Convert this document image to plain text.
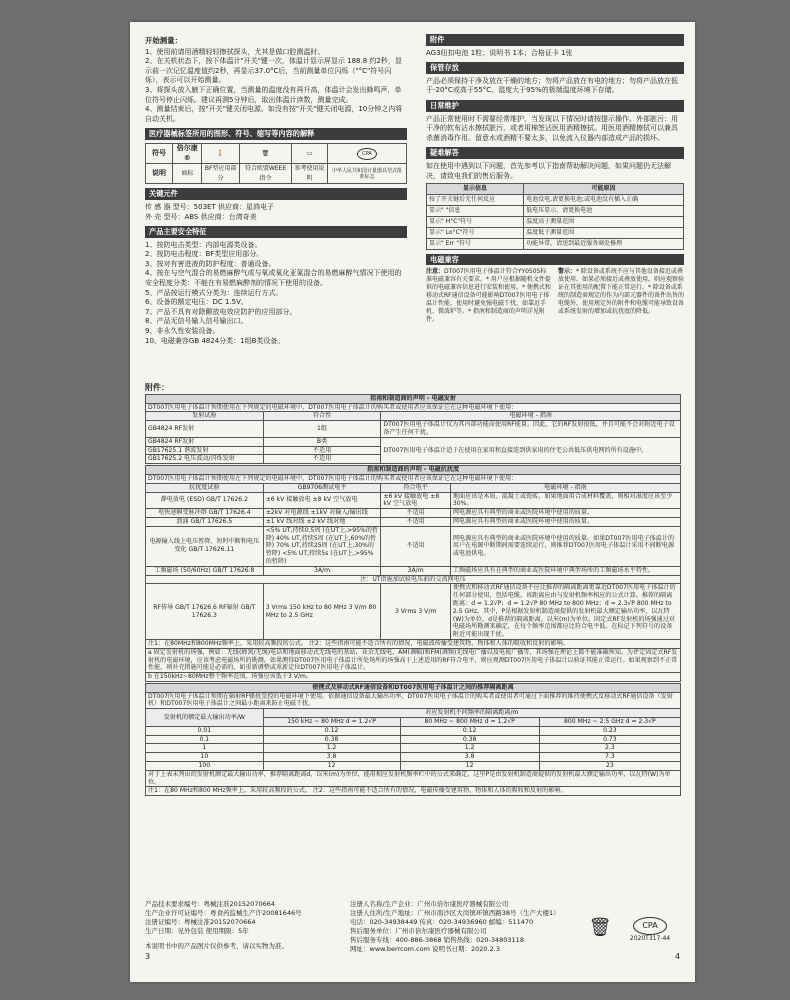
开始测量：

1、使用前请用酒精轻轻擦拭探头，尤其是做口腔测温时。

2、在关机状态下，按下体温计"开关"键一次，体温计显示屏显示 188.8 约2秒，显示前一次记忆温度值约2秒，再显示37.0°C后，当前测量单位闪烁（"°C"符号闪烁），表示可以开始测量。

3、将探头放入腋下正确位置，当测量的温度没有再升高，体温计会发出蜂鸣声，单位符号停止闪烁。建议再测5分钟后，取出体温计读数，测量完成。

4、测量结束后，按"开关"键关闭电源。如没有按"开关"键关闭电源，10分钟之内将自动关机。

医疗器械标签所用的图形、符号、缩写等内容的解释
符号	倍尔康®	🚶	🗑	▭	CPA
说明	商标	BF型应用部分	符合欧盟WEEE指令	参考使用说明	中华人民共和国计量器具型式批准标志
关键元件

传 感 器 型号：503ET 供应商：星鸿电子

外 壳 型号：ABS 供应商：台湾奇美

产品主要安全特征

1、按防电击类型：内部电源类设备。

2、按防电击程度：BF类型应用部分。

3、按对有害进液的防护程度：普通设备。

4、按在与空气混合的易燃麻醉气或与氧或氧化亚氮混合的易燃麻醉气情况下使用的安全程度分类：不能在有易燃麻醉剂的情况下使用的设备。

5、产品按运行模式分类为：连续运行方式。

6、设备的额定电压：DC 1.5V。

7、产品不具有对除颤放电效应防护的应用部分。

8、产品无信号输入信号输出口。

9、非永久性安装设备。

10、电磁兼容GB 4824分类：1组B类设备。

附件

AG3纽扣电池 1粒；说明书 1本；合格证卡 1张

保管存放

产品必须保持干净及放在干燥的地方；勿将产品放在有电的地方；勿将产品放在低于-20°C或高于55°C、湿度大于95%的极端温度环境下存储。

日常维护

产品正常使用时不需要经常维护，当发现以下情况时请按提示操作。外部脏污：用干净的软布沾水擦拭脏污，或者用棉签沾医用酒精擦拭。用医用酒精擦拭可以兼具杀菌消毒作用。留意水或酒精不要太多，以免流入仪器内部造成产品的损坏。

疑难解答

如在使用中遇到以下问题，首先参考以下指南帮助解决问题，如果问题仍无法解决，请致电我们的售后服务。

显示信息	可能原因
按了开关键后无任何反应	电池没电,请更换电池;或电池没有插入正确
显示" "信息	低电压显示，请更换电池
显示" H°C"符号	温度高于测量范围
显示" Lo°C"符号	温度低于测量范围
显示" Err "符号	功能异常，请送到最近服务商处修理
电磁兼容
注意：DT007医用电子体温计符合YY0505标准电磁兼容有关要求。* 用户应根据随机文件提供的电磁兼容信息进行安装和使用。* 便携式和移动式RF通信设备可能影响DT007医用电子体温计性能，使用时避免强电磁干扰，如靠近手机、微波炉等。* 指南和制造商的声明详见附件。
警示：* 除设备或系统不应与其他设备接近或叠放使用，如果必须接近或叠放使用，则应观察验证在其使用的配置下能正常运行。* 除设备或系统的制造商规定的作为内部元器件的备件出售的电缆外，使用规定外的附件和电缆可能导致设备或系统发射的增加或抗扰度的降低。
附件：
指南和制造商的声明 - 电磁发射		
DT007医用电子体温计预期使用在下列规定的电磁环境中，DT007医用电子体温计的购买者或使用者应该保证它在这种电磁环境下使用：		
发射试验	符合性	电磁环境 - 指南
GB4824 RF发射	1组	DT007医用电子体温计仅为其内部功能而使用RF能量。因此，它的RF发射很低，并且可能不会对附近电子设备产生任何干扰。
GB4824 RF发射	B类	DT007医用电子体温计适于在使用在家用和直接连到供家用的住宅公共低压供电网的所有设施中。
GB17625.1 谐波发射	不适用	
GB17625.2 电压波动/闪烁发射	不适用	
指南和制造商的声明 - 电磁抗扰度			
DT007医用电子体温计预期使用在下列规定的电磁环境中，DT007医用电子体温计的购买者或使用者应该保证它在这种电磁环境下使用：			
抗扰度试验	GB9706测试电平	符合电平	电磁环境 - 指南
静电放电 (ESD) GB/T 17626.2	±6 kV 接触放电 ±8 kV 空气放电	±6 kV 接触放电 ±8 kV 空气放电	地面应该是木质、混凝土或瓷砖，如果地面用合成材料覆盖，则相对湿度应该至少30%。
电快速瞬变脉冲群 GB/T 17626.4	±2kV 对电源线 ±1kV 对输入/输出线	不适用	网电源应具有典型的商业或医院环境中使用的质量。
浪涌 GB/T 17626.5	±1 kV 线对线 ±2 kV 线对地	不适用	网电源应具有典型的商业或医院环境中使用的质量。
电源输入线上电压暂降、短时中断和电压变化 GB/T 17626.11	<5% UT,持续0.5周 (在UT上,>95%的暂降) 40% UT,持续5周 (在UT上,60%的暂降) 70% UT,持续25周 (在UT上,30%的暂降) <5% UT,持续5s (在UT上,>95%的暂降)	不适用	网电源应具有典型的商业或医院环境中使用的质量。如果DT007医用电子体温计的用户在电源中断期间需要连续运行，则推荐DT007医用电子体温计采用不间断电源或电池供电。
工频磁场 (50/60Hz) GB/T 17626.8	3A/m	3A/m	工频磁场应具有在典型的商业或医院环境中典型场所的工频磁场水平特性。
注：UT指施加试验电压前的交流网电压			
RF传导 GB/T 17626.6 RF辐射 GB/T 17626.3	3 Vrms 150 kHz to 80 MHz 3 V/m 80 MHz to 2.5 GHz	3 Vrms 3 V/m	便携式和移动式RF通信设备不应比推荐的隔离距离更靠近DT007医用电子体温计的任何部分使用，包括电缆。该距离应由与发射机频率相应的公式计算。推荐的隔离距离：d = 1.2√P；d = 1.2√P 80 MHz to 800 MHz；d = 2.3√P 800 MHz to 2.5 GHz。其中，P是根据发射机制造商提供的发射机最大额定输出功率，以瓦特(W)为单位，d是推荐的隔离距离，以米(m)为单位。固定式RF发射机的场强通过对电磁场所勘测来确定，在每个频率范围都应比符合电平低。在标记下列符号的设备附近可能出现干扰。
注1：在80MHz和800MHz频率上，采用较高频段的公式。 注2：这些指南可能不适合所有的情况，电磁波传播受建筑物、物体和人体的吸收和反射的影响。			
a 固定发射机的场强，例如：无线(蜂窝/无绳)电话和地面移动式无线电的基站、业余无线电、AM(调幅)和FM(调频)无线电广播以及电视广播等，其场强在理论上都不能准确预知。为评定固定式RF发射机的电磁环境，应该考虑电磁场所的勘测。如果测得DT007医用电子体温计所处场所的场强高于上述适用的RF符合电平，则应观测DT007医用电子体温计以验证其能正常运行。如果观察到不正常性能，则补充措施可能是必需的，如重新调整或重新定位DT007医用电子体温计。			
b 在150kHz~80MHz整个频率范围，场强应该低于3 V/m。			
便携式及移动式RF通信设备和DT007医用电子体温计之间的推荐隔离距离			
DT007医用电子体温计预期在辐射RF骚扰受控的电磁环境下使用。依据通信设备最大输出功率，DT007医用电子体温计的购买者或使用者可通过下面推荐的维持便携式及移动式RF通信设备（发射机）和DT007医用电子体温计之间最小距离来防止电磁干扰。			
发射机的额定最大输出功率/W	对应发射机不同频率的隔离距离/m		
	150 kHz ~ 80 MHz d = 1.2√P	80 MHz ~ 800 MHz d = 1.2√P	800 MHz ~ 2.5 GHz d = 2.3√P
0.01	0.12	0.12	0.23
0.1	0.38	0.38	0.73
1	1.2	1.2	2.3
10	3.8	3.8	7.3
100	12	12	23
对于上表未列出的发射机额定最大输出功率，推荐隔离距离d，以米(m)为单位，能用相应发射机频率栏中的公式来确定，这里P是由发射机制造商提供的发射机最大额定输出功率，以瓦特(W)为单位。			
注1：在80 MHz和800 MHz频率上，采用较高频段的公式。 注2：这些指南可能不适合所有的情况，电磁传播受建筑物、物体和人体的吸收和反射的影响。			
产品技术要求编号：粤械注准20152070664
生产企业许可证编号：粤食药监械生产许20081646号
注册证编号：粤械注准20152070664
生产日期：见外包装 使用期限：5年
本说明书中的产品图片仅供参考，请以实物为准。
注册人名称/生产企业：广州市倍尔康医疗器械有限公司
注册人住所/生产地址：广州市南沙区大岗镇环镇西路38号（生产大楼1）
电话：020-34938449 传真：020-34936960 邮编：511470
售后服务单位：广州市倍尔康医疗器械有限公司
售后服务专线：400-886-3868 销售热线：020-34803118
网址：www.berrcom.com 说明书日期：2020.2.3
🗑	CPA
2020T317-44
3	4
